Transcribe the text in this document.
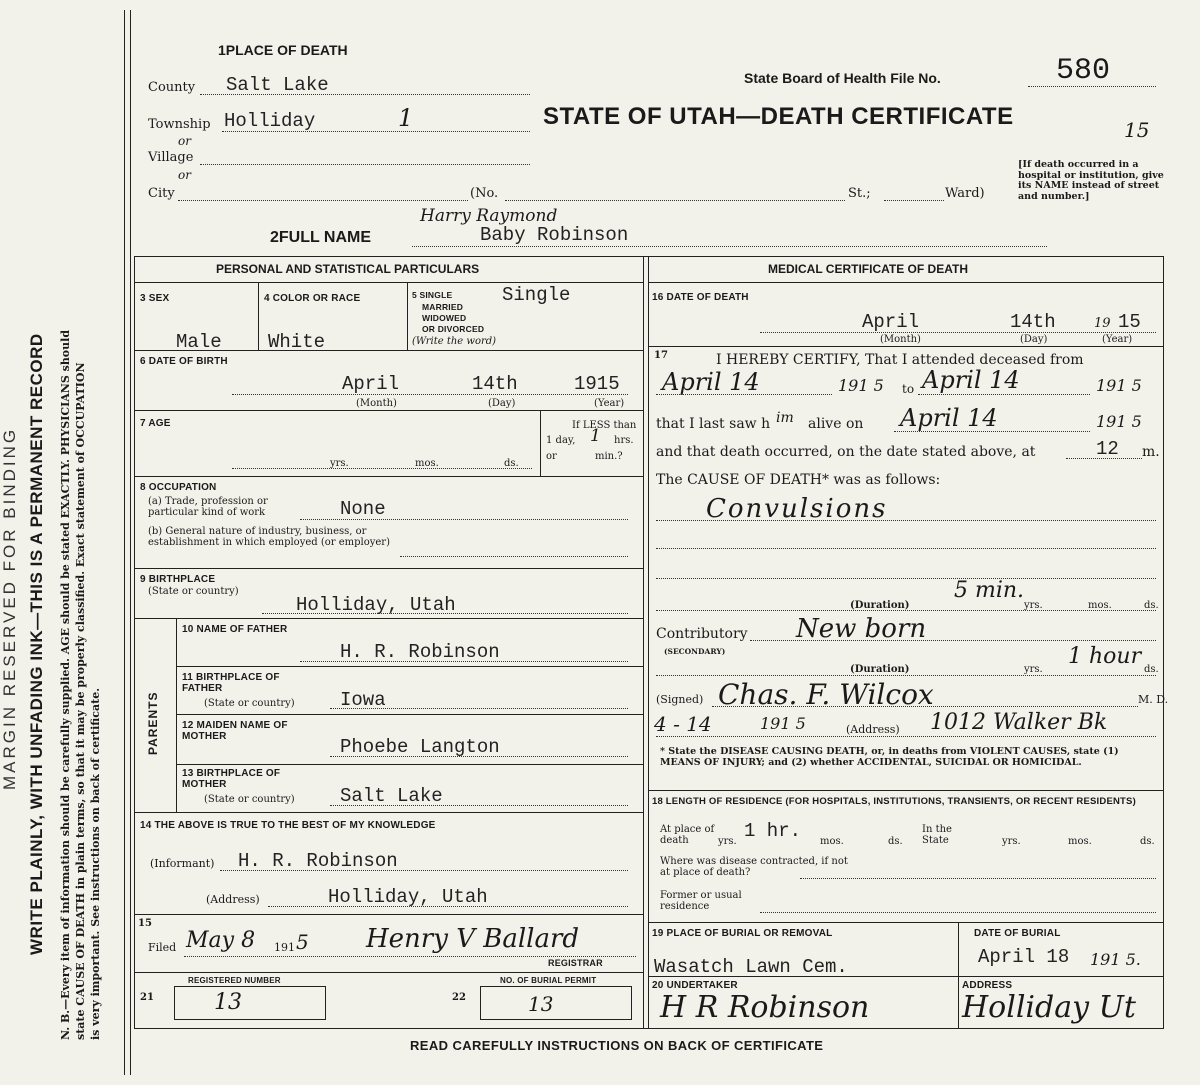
MARGIN RESERVED FOR BINDING WRITE PLAINLY, WITH UNFADING INK—THIS IS A PERMANENT RECORD N. B.—Every item of information should be carefully supplied. AGE should be stated EXACTLY. PHYSICIANS should state CAUSE OF DEATH in plain terms, so that it may be properly classified. Exact statement of OCCUPATION is very important. See instructions on back of certificate.
1PLACE OF DEATH
County Salt Lake
Township Holliday	1
or
Village
or
City	(No.	St.;	Ward)
State Board of Health File No.	580
STATE OF UTAH—DEATH CERTIFICATE	15
[If death occurred in a hospital or institution, give its NAME instead of street and number.]
2FULL NAME
Harry Raymond
Baby Robinson
PERSONAL AND STATISTICAL PARTICULARS
3 SEX
Male
4 COLOR OR RACE
White
5 SINGLE
MARRIED
WIDOWED
OR DIVORCED
(Write the word)
Single
6 DATE OF BIRTH
April	14th	1915
(Month)	(Day)	(Year)
7 AGE
yrs.	mos.	ds.
If LESS than
1 day, 1 hrs.
or	min.?
8 OCCUPATION
(a) Trade, profession or particular kind of work	None
(b) General nature of industry, business, or establishment in which employed (or employer)
9 BIRTHPLACE
(State or country)
Holliday, Utah
PARENTS
10 NAME OF FATHER
H. R. Robinson
11 BIRTHPLACE OF FATHER
(State or country) Iowa
12 MAIDEN NAME OF MOTHER	Phoebe Langton
13 BIRTHPLACE OF MOTHER
(State or country) Salt Lake
14 THE ABOVE IS TRUE TO THE BEST OF MY KNOWLEDGE
(Informant) H. R. Robinson
(Address)	Holliday, Utah
15
Filed May 8 191 5 Henry V Ballard
REGISTRAR
21
REGISTERED NUMBER
13	22
NO. OF BURIAL PERMIT
13
MEDICAL CERTIFICATE OF DEATH
16 DATE OF DEATH
April	14th	19 15
(Month)	(Day)	(Year)
17	I HEREBY CERTIFY, That I attended deceased from
April 14	191 5 to April 14	191 5
that I last saw h im alive on April 14	191 5
and that death occurred, on the date stated above, at	12 m.
The CAUSE OF DEATH* was as follows:
Convulsions
(Duration)
5 min.
yrs.	mos.	ds.
Contributory
(SECONDARY)
New born
(Duration)	yrs.
1 hour
ds.
(Signed) Chas. F. Wilcox	M. D.
4 - 14	191 5	(Address) 1012 Walker Bk
* State the DISEASE CAUSING DEATH, or, in deaths from VIOLENT CAUSES, state (1) MEANS OF INJURY; and (2) whether ACCIDENTAL, SUICIDAL OR HOMICIDAL.
18 LENGTH OF RESIDENCE (FOR HOSPITALS, INSTITUTIONS, TRANSIENTS, OR RECENT RESIDENTS)
At place of death	1 hr.
yrs.	mos.	ds.
In the State	yrs.	mos.	ds.
Where was disease contracted, if not at place of death?
Former or usual residence
19 PLACE OF BURIAL OR REMOVAL
Wasatch Lawn Cem.
DATE OF BURIAL
April 18 191 5.
20 UNDERTAKER
H R Robinson
ADDRESS
Holliday Ut
READ CAREFULLY INSTRUCTIONS ON BACK OF CERTIFICATE
